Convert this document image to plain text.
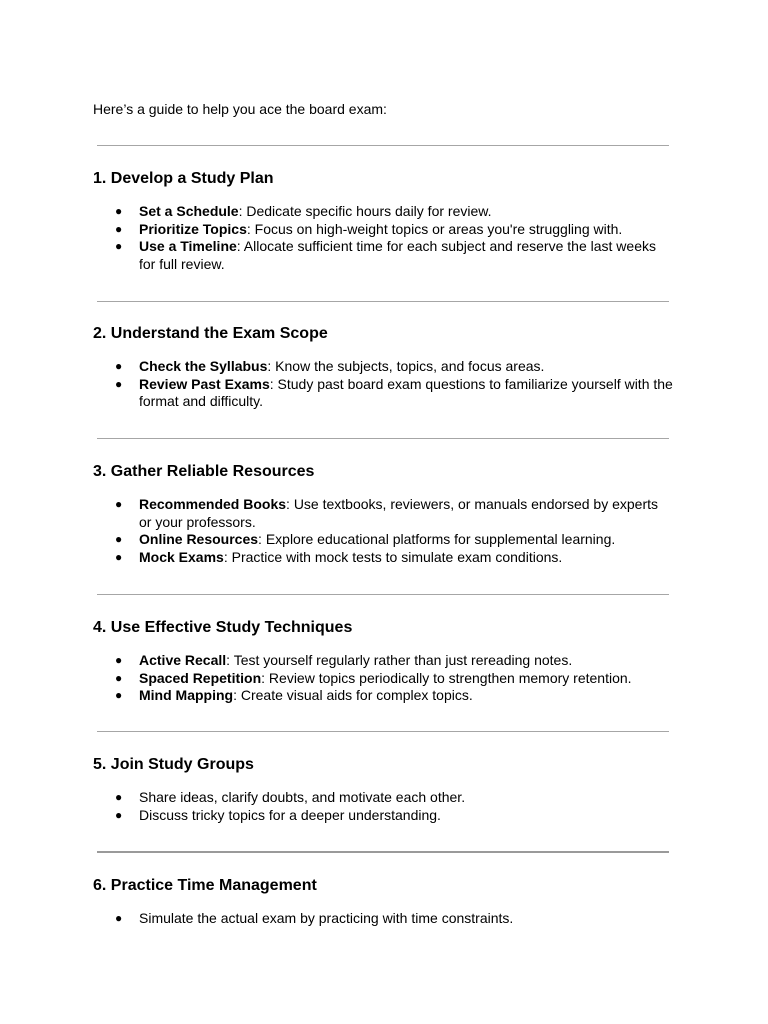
Here’s a guide to help you ace the board exam:

1. Develop a Study Plan
● Set a Schedule: Dedicate specific hours daily for review.
● Prioritize Topics: Focus on high-weight topics or areas you're struggling with.
● Use a Timeline: Allocate sufficient time for each subject and reserve the last weeks for full review.
2. Understand the Exam Scope
● Check the Syllabus: Know the subjects, topics, and focus areas.
● Review Past Exams: Study past board exam questions to familiarize yourself with the format and difficulty.
3. Gather Reliable Resources
● Recommended Books: Use textbooks, reviewers, or manuals endorsed by experts or your professors.
● Online Resources: Explore educational platforms for supplemental learning.
● Mock Exams: Practice with mock tests to simulate exam conditions.
4. Use Effective Study Techniques
● Active Recall: Test yourself regularly rather than just rereading notes.
● Spaced Repetition: Review topics periodically to strengthen memory retention.
● Mind Mapping: Create visual aids for complex topics.
5. Join Study Groups
● Share ideas, clarify doubts, and motivate each other.
● Discuss tricky topics for a deeper understanding.
6. Practice Time Management
● Simulate the actual exam by practicing with time constraints.
